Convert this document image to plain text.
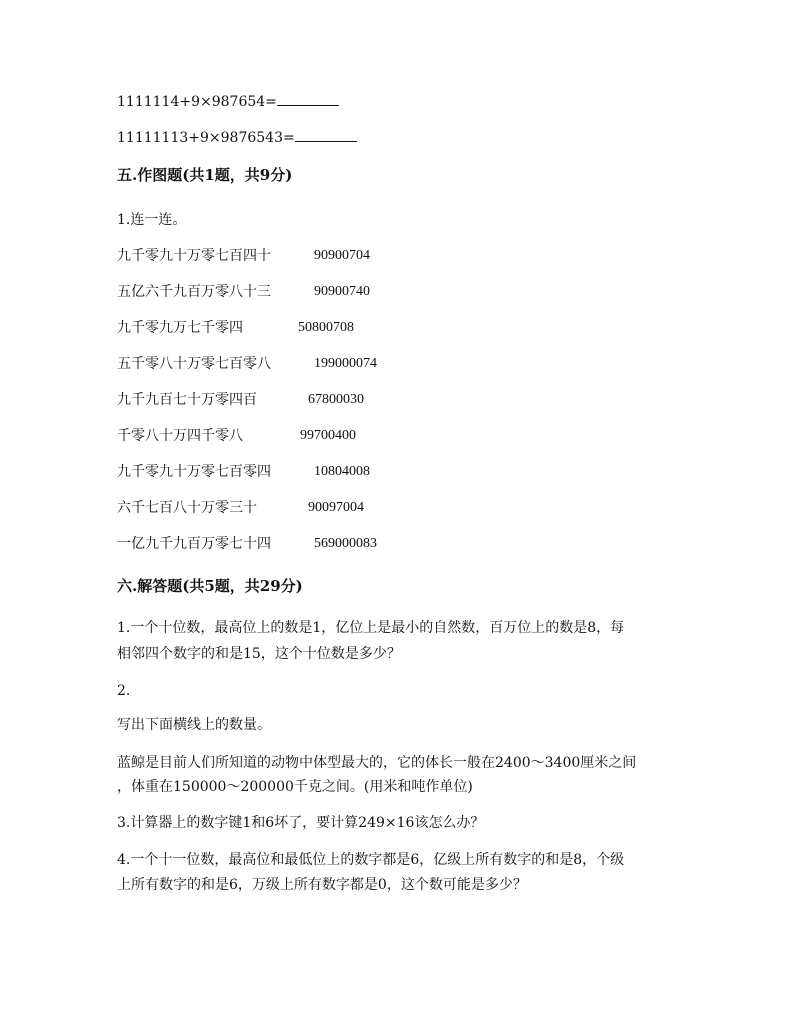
1111114+9×987654=
11111113+9×9876543=
五.作图题(共1题，共9分)
1.连一连。
九千零九十万零七百四十	90900704
五亿六千九百万零八十三	90900740
九千零九万七千零四	50800708
五千零八十万零七百零八	199000074
九千九百七十万零四百	67800030
千零八十万四千零八	99700400
九千零九十万零七百零四	10804008
六千七百八十万零三十	90097004
一亿九千九百万零七十四	569000083
六.解答题(共5题，共29分)
1.一个十位数，最高位上的数是1，亿位上是最小的自然数，百万位上的数是8，每
相邻四个数字的和是15，这个十位数是多少？
2.
写出下面横线上的数量。
蓝鲸是目前人们所知道的动物中体型最大的，它的体长一般在2400～3400厘米之间
，体重在150000～200000千克之间。(用米和吨作单位)
3.计算器上的数字键1和6坏了，要计算249×16该怎么办？
4.一个十一位数，最高位和最低位上的数字都是6，亿级上所有数字的和是8，个级
上所有数字的和是6，万级上所有数字都是0，这个数可能是多少？
